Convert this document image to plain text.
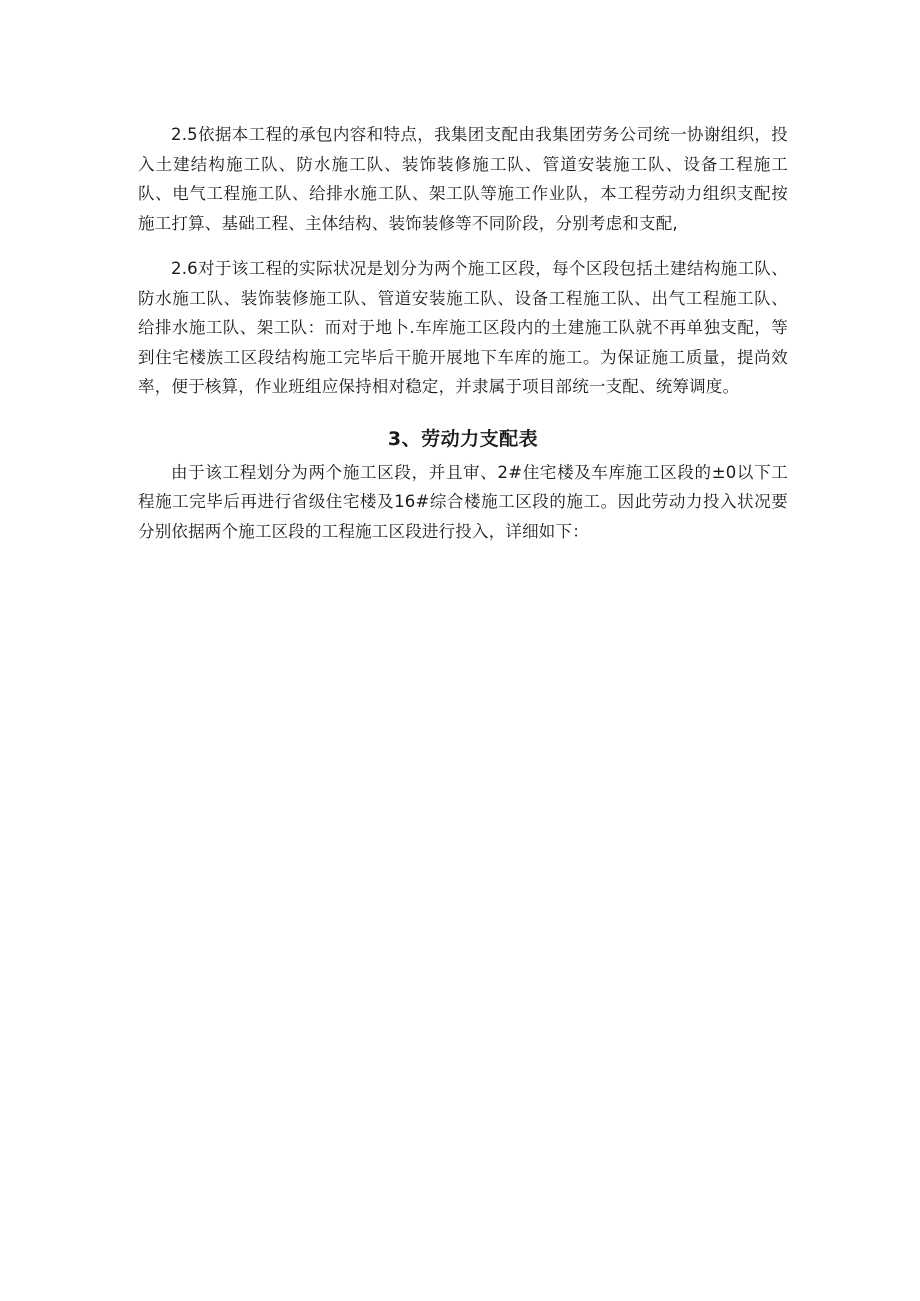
2.5依据本工程的承包内容和特点，我集团支配由我集团劳务公司统一协谢组织，投入土建结构施工队、防水施工队、装饰装修施工队、管道安装施工队、设备工程施工队、电气工程施工队、给排水施工队、架工队等施工作业队，本工程劳动力组织支配按施工打算、基础工程、主体结构、装饰装修等不同阶段，分别考虑和支配,

2.6对于该工程的实际状况是划分为两个施工区段，每个区段包括土建结构施工队、防水施工队、装饰装修施工队、管道安装施工队、设备工程施工队、出气工程施工队、给排水施工队、架工队：而对于地卜.车库施工区段内的土建施工队就不再单独支配，等到住宅楼族工区段结构施工完毕后干脆开展地下车库的施工。为保证施工质量，提尚效率，便于核算，作业班组应保持相对稳定，并隶属于项目部统一支配、统筹调度。

3、劳动力支配表

由于该工程划分为两个施工区段，并且审、2#住宅楼及车库施工区段的±0以下工程施工完毕后再进行省级住宅楼及16#综合楼施工区段的施工。因此劳动力投入状况要分别依据两个施工区段的工程施工区段进行投入，详细如下：
